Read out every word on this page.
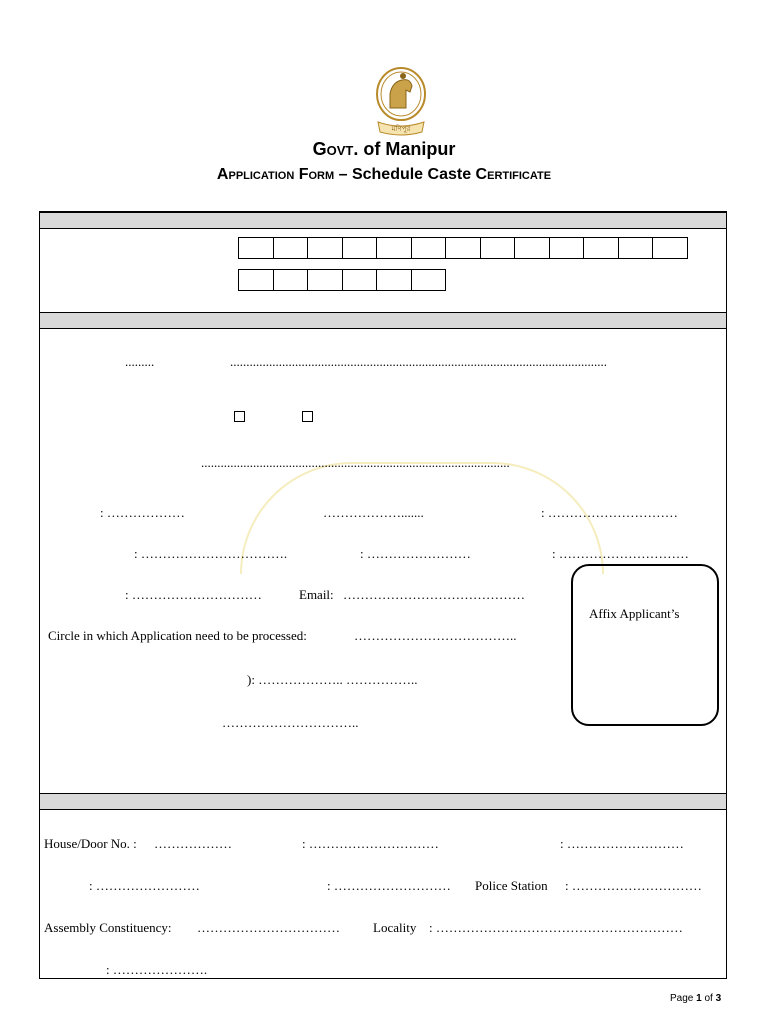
মণিপুর
Govt. of Manipur
Application Form – Schedule Caste Certificate
.........	....................................................................................................................
...............................................................................................
: ………………	……………….......	: …………………………
: …………………………….	: ……………………	: …………………………
: …………………………	Email: ……………………………………
Circle in which Application need to be processed:	………………………………..
): ……………….. ……………..
…………………………..
Affix Applicant’s
House/Door No. : ………………	: …………………………	: ………………………
: ……………………	: ……………………… Police Station : …………………………
Assembly Constituency: ……………………………	Locality : …………………………………………………
: ………………….
Page 1 of 3
